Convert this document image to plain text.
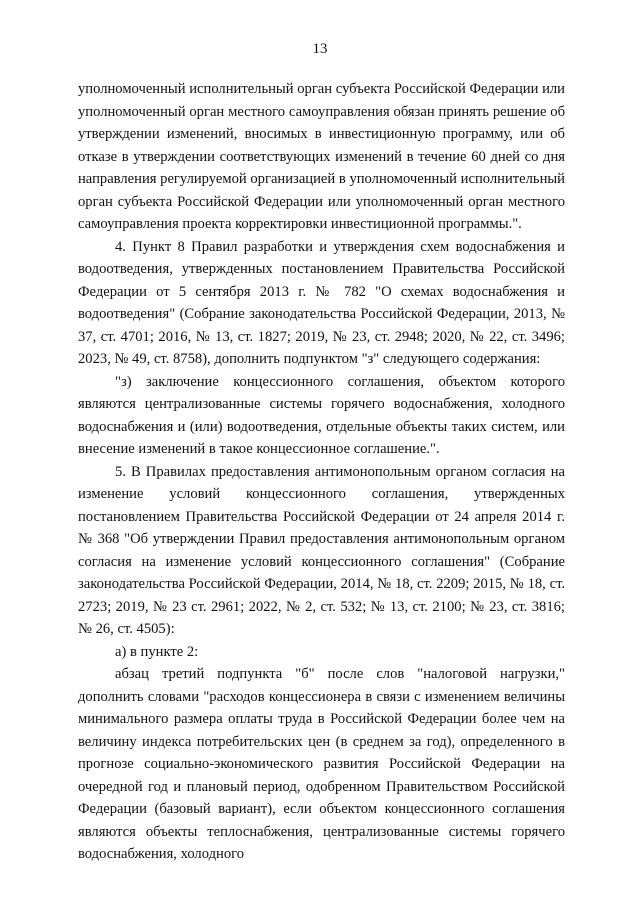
13

уполномоченный исполнительный орган субъекта Российской Федерации или уполномоченный орган местного самоуправления обязан принять решение об утверждении изменений, вносимых в инвестиционную программу, или об отказе в утверждении соответствующих изменений в течение 60 дней со дня направления регулируемой организацией в уполномоченный исполнительный орган субъекта Российской Федерации или уполномоченный орган местного самоуправления проекта корректировки инвестиционной программы.".

4. Пункт 8 Правил разработки и утверждения схем водоснабжения и водоотведения, утвержденных постановлением Правительства Российской Федерации от 5 сентября 2013 г. № 782 "О схемах водоснабжения и водоотведения" (Собрание законодательства Российской Федерации, 2013, № 37, ст. 4701; 2016, № 13, ст. 1827; 2019, № 23, ст. 2948; 2020, № 22, ст. 3496; 2023, № 49, ст. 8758), дополнить подпунктом "з" следующего содержания:

"з) заключение концессионного соглашения, объектом которого являются централизованные системы горячего водоснабжения, холодного водоснабжения и (или) водоотведения, отдельные объекты таких систем, или внесение изменений в такое концессионное соглашение.".

5. В Правилах предоставления антимонопольным органом согласия на изменение условий концессионного соглашения, утвержденных постановлением Правительства Российской Федерации от 24 апреля 2014 г. № 368 "Об утверждении Правил предоставления антимонопольным органом согласия на изменение условий концессионного соглашения" (Собрание законодательства Российской Федерации, 2014, № 18, ст. 2209; 2015, № 18, ст. 2723; 2019, № 23 ст. 2961; 2022, № 2, ст. 532; № 13, ст. 2100; № 23, ст. 3816; № 26, ст. 4505):

а) в пункте 2:

абзац третий подпункта "б" после слов "налоговой нагрузки," дополнить словами "расходов концессионера в связи с изменением величины минимального размера оплаты труда в Российской Федерации более чем на величину индекса потребительских цен (в среднем за год), определенного в прогнозе социально-экономического развития Российской Федерации на очередной год и плановый период, одобренном Правительством Российской Федерации (базовый вариант), если объектом концессионного соглашения являются объекты теплоснабжения, централизованные системы горячего водоснабжения, холодного
